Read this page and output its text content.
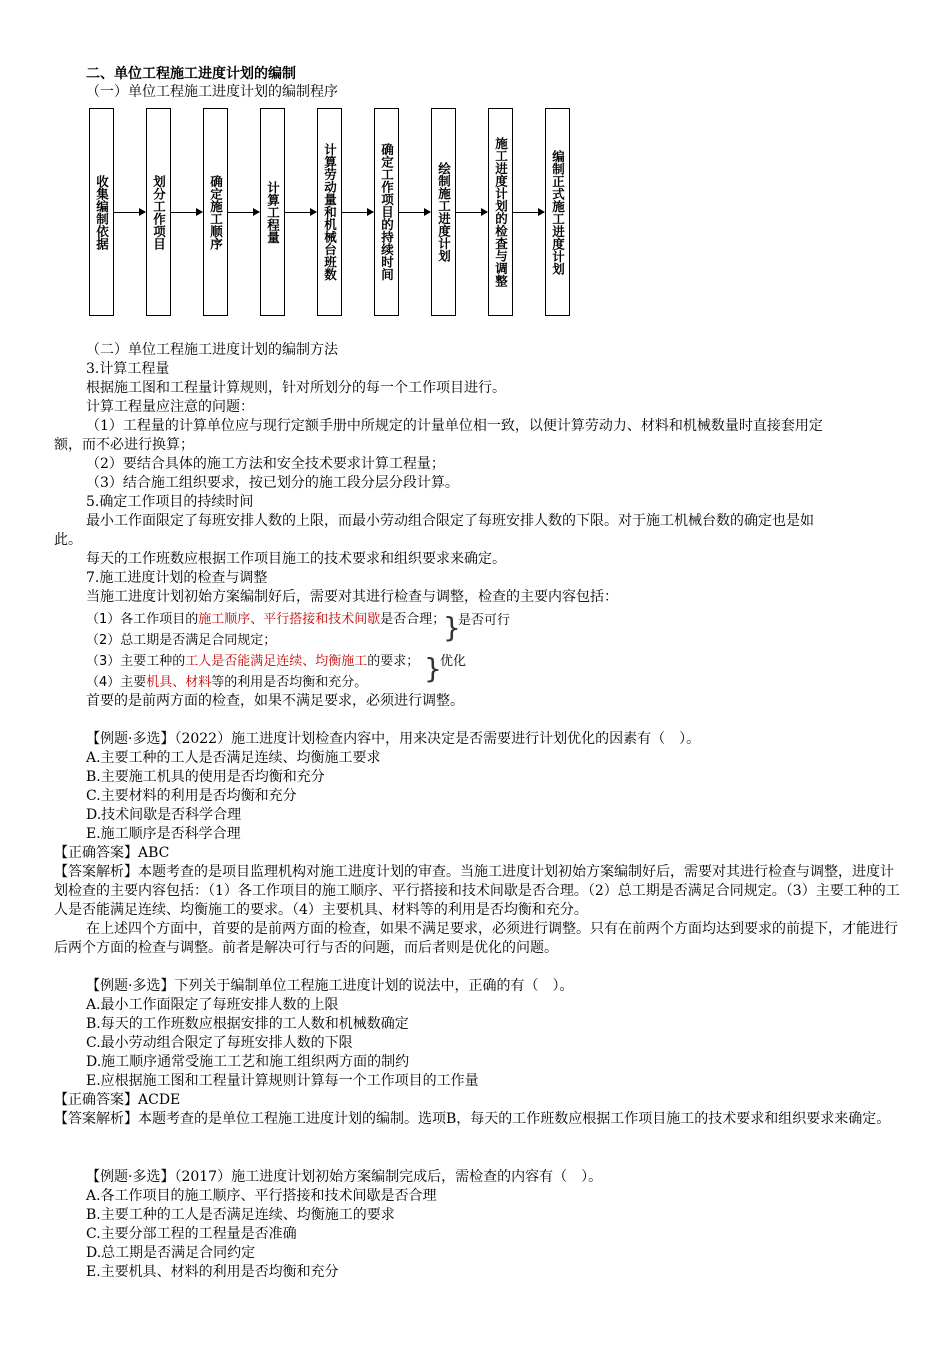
二、单位工程施工进度计划的编制
（一）单位工程施工进度计划的编制程序
收集编制依据	划分工作项目	确定施工顺序	计算工程量	计算劳动量和机械台班数	确定工作项目的持续时间	绘制施工进度计划	施工进度计划的检查与调整	编制正式施工进度计划
（二）单位工程施工进度计划的编制方法
3.计算工程量
根据施工图和工程量计算规则，针对所划分的每一个工作项目进行。
计算工程量应注意的问题：
（1）工程量的计算单位应与现行定额手册中所规定的计量单位相一致，以便计算劳动力、材料和机械数量时直接套用定
额，而不必进行换算；
（2）要结合具体的施工方法和安全技术要求计算工程量；
（3）结合施工组织要求，按已划分的施工段分层分段计算。
5.确定工作项目的持续时间
最小工作面限定了每班安排人数的上限，而最小劳动组合限定了每班安排人数的下限。对于施工机械台数的确定也是如
此。
每天的工作班数应根据工作项目施工的技术要求和组织要求来确定。
7.施工进度计划的检查与调整
当施工进度计划初始方案编制好后，需要对其进行检查与调整，检查的主要内容包括：
（1）各工作项目的施工顺序、平行搭接和技术间歇是否合理；
（2）总工期是否满足合同规定；
（3）主要工种的工人是否能满足连续、均衡施工的要求；
（4）主要机具、材料等的利用是否均衡和充分。
}
是否可行
}
优化
首要的是前两方面的检查，如果不满足要求，必须进行调整。
【例题·多选】（2022）施工进度计划检查内容中，用来决定是否需要进行计划优化的因素有（　）。
A.主要工种的工人是否满足连续、均衡施工要求
B.主要施工机具的使用是否均衡和充分
C.主要材料的利用是否均衡和充分
D.技术间歇是否科学合理
E.施工顺序是否科学合理
【正确答案】ABC
【答案解析】本题考查的是项目监理机构对施工进度计划的审查。当施工进度计划初始方案编制好后，需要对其进行检查与调整，进度计划检查的主要内容包括：（1）各工作项目的施工顺序、平行搭接和技术间歇是否合理。（2）总工期是否满足合同规定。（3）主要工种的工人是否能满足连续、均衡施工的要求。（4）主要机具、材料等的利用是否均衡和充分。
在上述四个方面中，首要的是前两方面的检查，如果不满足要求，必须进行调整。只有在前两个方面均达到要求的前提下，才能进行后两个方面的检查与调整。前者是解决可行与否的问题，而后者则是优化的问题。
【例题·多选】下列关于编制单位工程施工进度计划的说法中，正确的有（　）。
A.最小工作面限定了每班安排人数的上限
B.每天的工作班数应根据安排的工人数和机械数确定
C.最小劳动组合限定了每班安排人数的下限
D.施工顺序通常受施工工艺和施工组织两方面的制约
E.应根据施工图和工程量计算规则计算每一个工作项目的工作量
【正确答案】ACDE
【答案解析】本题考查的是单位工程施工进度计划的编制。选项B，每天的工作班数应根据工作项目施工的技术要求和组织要求来确定。
【例题·多选】（2017）施工进度计划初始方案编制完成后，需检查的内容有（　）。
A.各工作项目的施工顺序、平行搭接和技术间歇是否合理
B.主要工种的工人是否满足连续、均衡施工的要求
C.主要分部工程的工程量是否准确
D.总工期是否满足合同约定
E.主要机具、材料的利用是否均衡和充分
